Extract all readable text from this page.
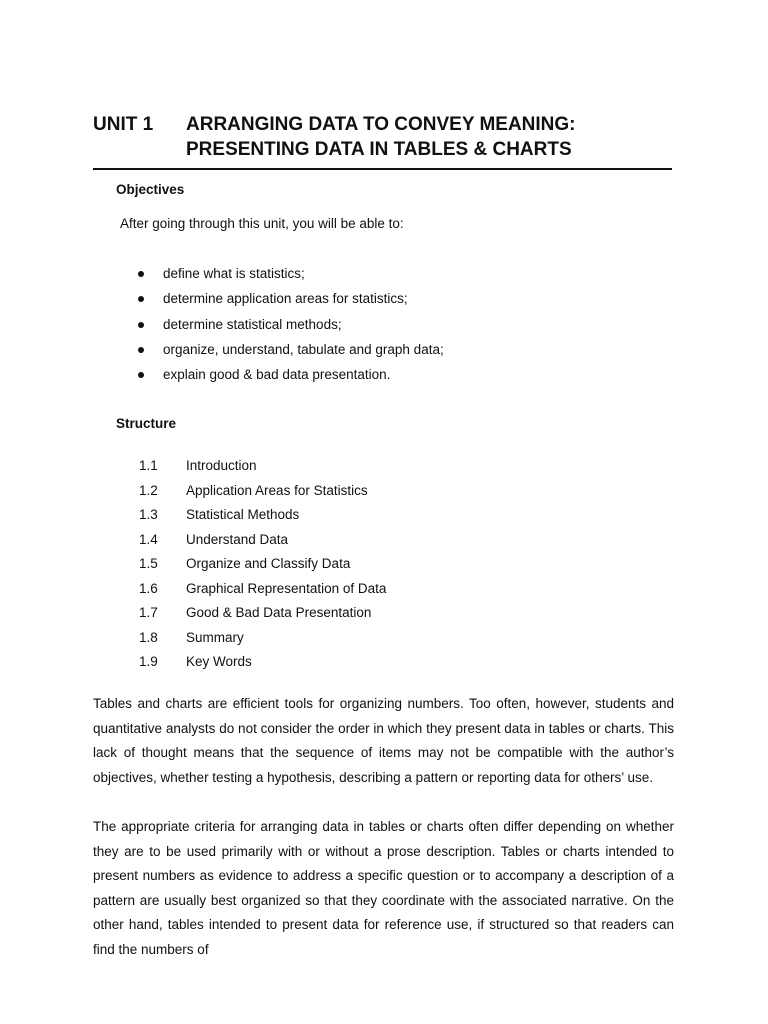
UNIT 1 ARRANGING DATA TO CONVEY MEANING: PRESENTING DATA IN TABLES & CHARTS
Objectives
After going through this unit, you will be able to:
define what is statistics;
determine application areas for statistics;
determine statistical methods;
organize, understand, tabulate and graph data;
explain good & bad data presentation.
Structure
1.1 Introduction
1.2 Application Areas for Statistics
1.3 Statistical Methods
1.4 Understand Data
1.5 Organize and Classify Data
1.6 Graphical Representation of Data
1.7 Good & Bad Data Presentation
1.8 Summary
1.9 Key Words

Tables and charts are efficient tools for organizing numbers. Too often, however, students and quantitative analysts do not consider the order in which they present data in tables or charts. This lack of thought means that the sequence of items may not be compatible with the author’s objectives, whether testing a hypothesis, describing a pattern or reporting data for others’ use.

The appropriate criteria for arranging data in tables or charts often differ depending on whether they are to be used primarily with or without a prose description. Tables or charts intended to present numbers as evidence to address a specific question or to accompany a description of a pattern are usually best organized so that they coordinate with the associated narrative. On the other hand, tables intended to present data for reference use, if structured so that readers can find the numbers of
